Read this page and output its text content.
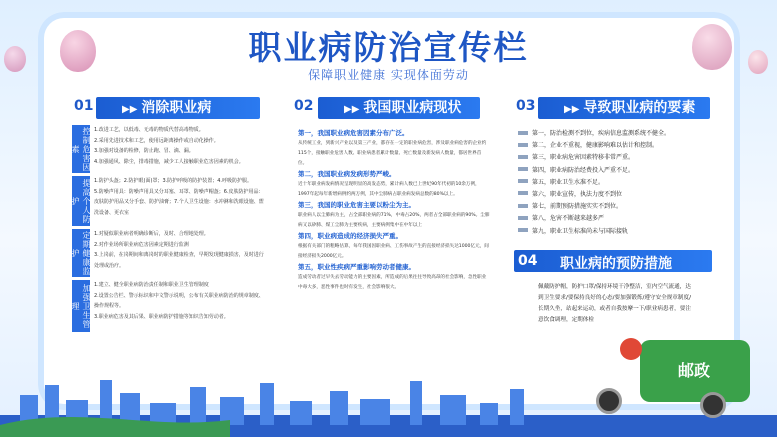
职业病防治宣传栏
保障职业健康 实现体面劳动
01	▶▶ 消除职业病
控制危害因素
1.改进工艺，以低毒、无毒的物质代替高毒物质。
2.采用先进技术和工艺，使用远距离操作或自动化操作。
3.加强对设备的检修，防止跑、冒、滴、漏。
4.加强通风、除尘，排毒措施，减少工人接触职业危害因素的机会。
提高个人防护
1.防护头盔；2.防护眼(面)罩；3.防护呼吸的防护装置；4.呼吸防护服。
5.防噪声用具：防噪声用具又分耳塞、耳罩、防噪声帽盔；6.皮肤防护用品：皮肤防护用品又分手套、防护油膏；7.个人卫生设施：水冲淋和洗眼设施、盥洗设备、更衣室
定期健康监护
1.对疑似职业病者明确诊断后，及时、合理地处理。
2.对作业场所职业病危害因素定期进行监测
3.上岗前，在岗期间和离岗时的职业健康检查，早期发现健康损害，及时进行处理或治疗。
加强卫生管理
1.建立、健全职业病防治责任制和职业卫生管理制度
2.设置公告栏、警示标识和中文警示说明，公布有关职业病防治的规章制度、操作规程等。
3.职业病危害及其后果、职业病防护措施等知识告知劳动者。
02	▶▶ 我国职业病现状
第一，我国职业病危害因素分布广泛。
从传统工业，到新兴产业以及第三产业，都存在一定的职业病危害，涉及职业病危害的企业约115个，接触职业危害人数、职业病患者累计数量、死亡数量及新发病人数量，都居世界首位。
第二，我国职业病发病形势严峻。
近十年职业病发病情况呈现明显的高发态势，累计病人数已上世纪90年代初的10余万例，1997年起每年新增病例约两万例，其中尘肺病占职业病发病总数的80%以上。
第三，我国的职业危害主要以粉尘为主。
职业病人以尘肺病为主，占全部职业病的71%，中毒占20%，两者占全部职业病的90%。尘肺病又以矽肺、煤工尘肺为主要疾病，主要病例集中在中年以上
第四，职业病造成的经济损失严重。
根据有关部门的粗略估算，每年我国因职业病、工伤事故产生的直接经济损失达1000亿元，间接经济损失2000亿元。
第五，职业性疾病严重影响劳动者健康。
造成劳动者过早失去劳动能力的主要因素，所造成的后果往往导致高昂的社会影响，急性职业中毒大多，恶性事件也时有发生，社会影响很大。
03	▶▶ 导致职业病的要素
第一，防治检测不到位，疾病信息监测系统不健全。
第二，企业不重视，健康影响难以估计和控制。
第三，职业病危害因素特移非常严重。
第四，职业病防治经费投入严重不足。
第五，职业卫生水准不足。
第六，职业宣传，执法力度不到位
第七，前期预防措施实实不到位。
第八，危害不断越来越多严
第九，职业卫生标准尚未与国际接轨
04 职业病的预防措施
佩戴防护帽，防护口罩/保持环境干净整洁，室内空气流通，达到卫生要求/要保持良好的心态/要加强锻炼/遵守安全规章制度/长期久坐，站起来运动，或者自我按摩一下/职业病患者，要注意饮食调理，定期体检
邮政
